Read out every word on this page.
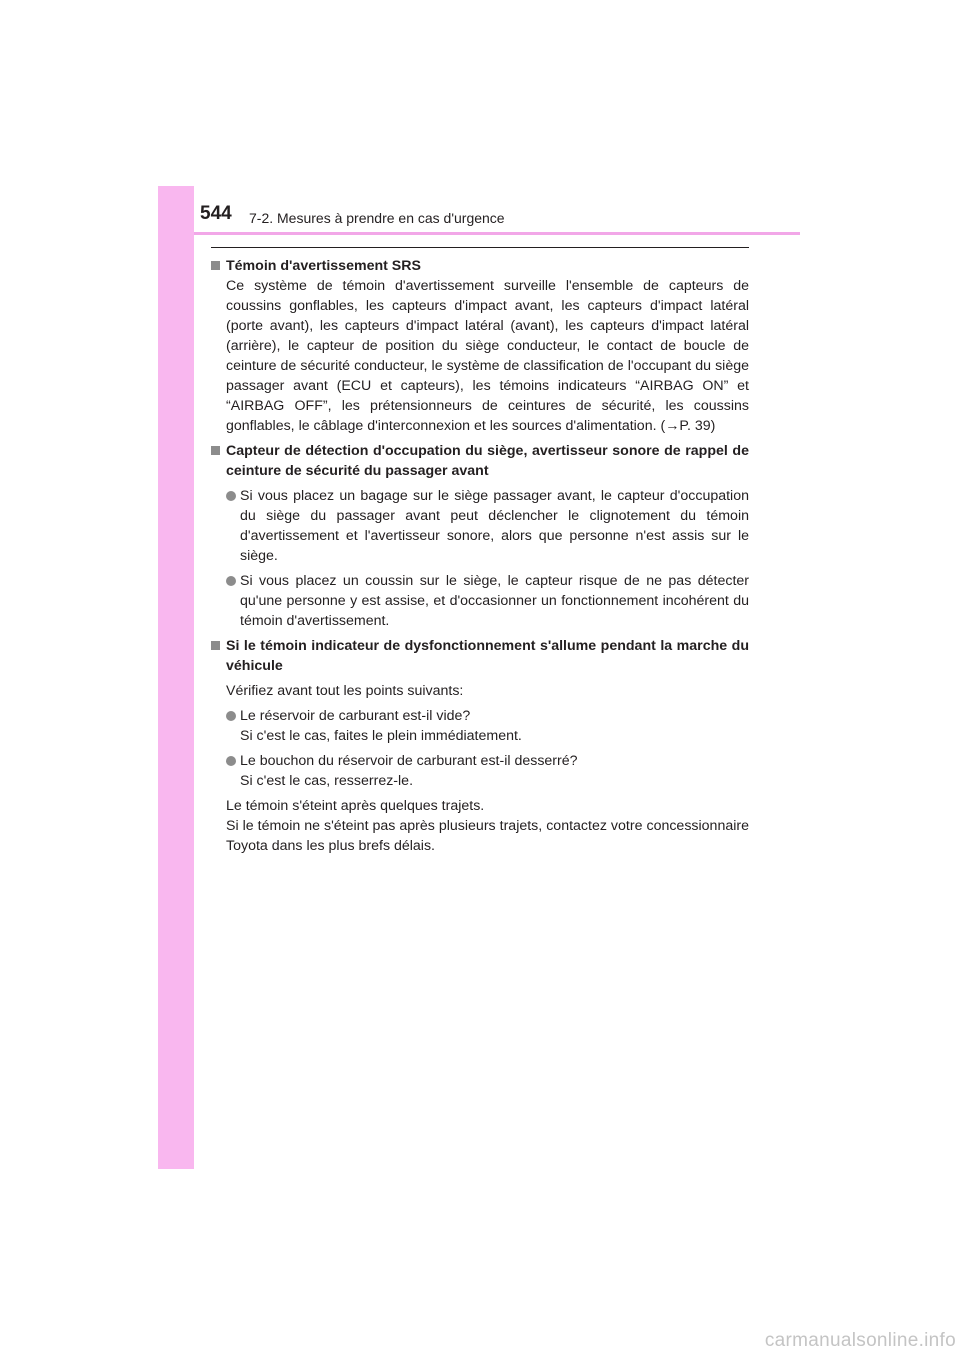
544 7-2. Mesures à prendre en cas d'urgence
Témoin d'avertissement SRS
Ce système de témoin d'avertissement surveille l'ensemble de capteurs de coussins gonflables, les capteurs d'impact avant, les capteurs d'impact latéral (porte avant), les capteurs d'impact latéral (avant), les capteurs d'impact latéral (arrière), le capteur de position du siège conducteur, le contact de boucle de ceinture de sécurité conducteur, le système de classification de l'occupant du siège passager avant (ECU et capteurs), les témoins indicateurs “AIRBAG ON” et “AIRBAG OFF”, les prétensionneurs de ceintures de sécurité, les coussins gonflables, le câblage d'interconnexion et les sources d'alimentation. (→P. 39)
Capteur de détection d'occupation du siège, avertisseur sonore de rappel de ceinture de sécurité du passager avant
Si vous placez un bagage sur le siège passager avant, le capteur d'occupation du siège du passager avant peut déclencher le clignotement du témoin d'avertissement et l'avertisseur sonore, alors que personne n'est assis sur le siège.
Si vous placez un coussin sur le siège, le capteur risque de ne pas détecter qu'une personne y est assise, et d'occasionner un fonctionnement incohérent du témoin d'avertissement.
Si le témoin indicateur de dysfonctionnement s'allume pendant la marche du véhicule
Vérifiez avant tout les points suivants:
Le réservoir de carburant est-il vide?
Si c'est le cas, faites le plein immédiatement.
Le bouchon du réservoir de carburant est-il desserré?
Si c'est le cas, resserrez-le.
Le témoin s'éteint après quelques trajets.
Si le témoin ne s'éteint pas après plusieurs trajets, contactez votre concessionnaire Toyota dans les plus brefs délais.
carmanualsonline.info
